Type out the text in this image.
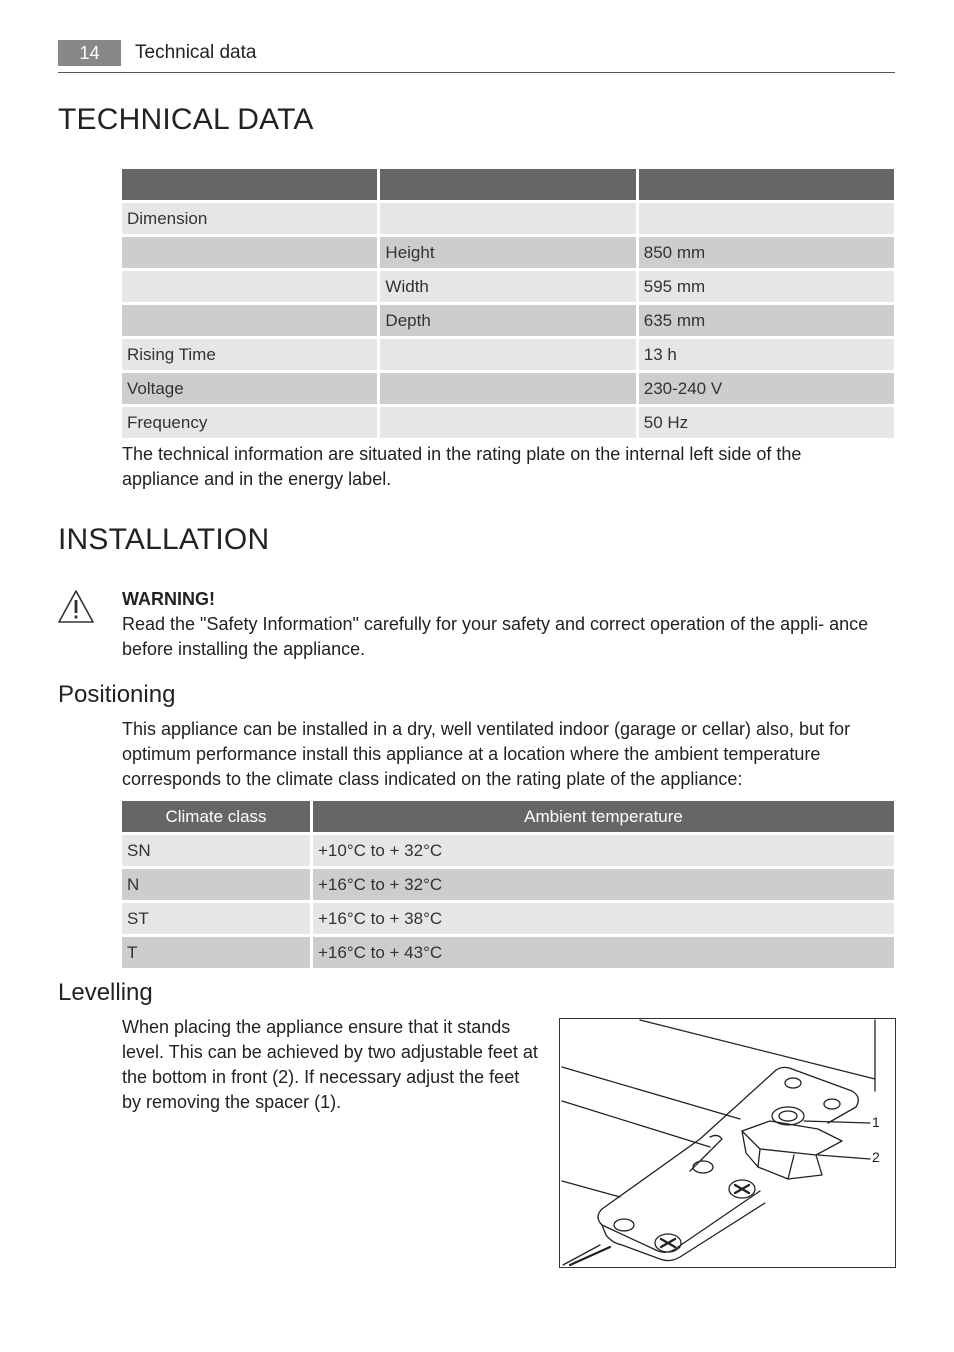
14	Technical data
TECHNICAL DATA

Dimension		
	Height	850 mm
	Width	595 mm
	Depth	635 mm
Rising Time		13 h
Voltage		230-240 V
Frequency		50 Hz

The technical information are situated in the rating plate on the internal left side of the appliance and in the energy label.

INSTALLATION
WARNING!

Read the "Safety Information" carefully for your safety and correct operation of the appli- ance before installing the appliance.

Positioning

This appliance can be installed in a dry, well ventilated indoor (garage or cellar) also, but for optimum performance install this appliance at a location where the ambient temperature corresponds to the climate class indicated on the rating plate of the appliance:

Climate class	Ambient temperature
SN	+10°C to + 32°C
N	+16°C to + 32°C
ST	+16°C to + 38°C
T	+16°C to + 43°C
Levelling

When placing the appliance ensure that it stands level. This can be achieved by two adjustable feet at the bottom in front (2). If necessary adjust the feet by removing the spacer (1).

1
2
